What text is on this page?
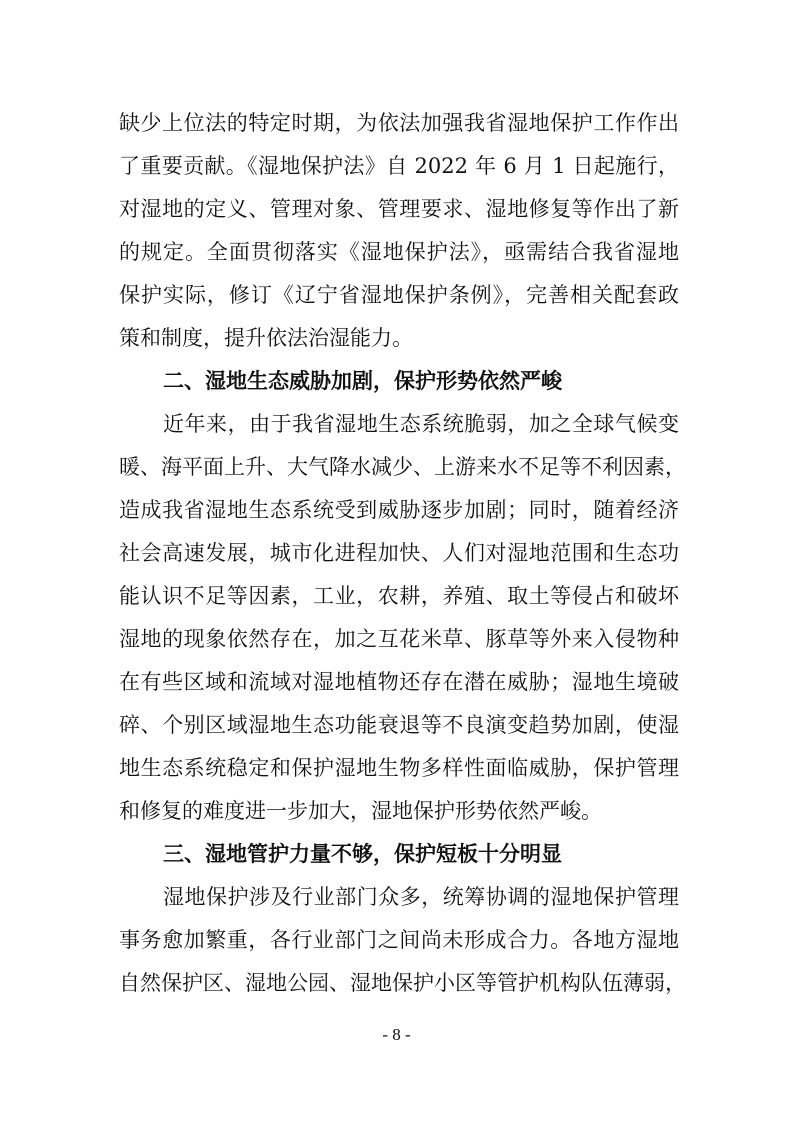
缺少上位法的特定时期，为依法加强我省湿地保护工作作出
了重要贡献。《湿地保护法》自 2022 年 6 月 1 日起施行，
对湿地的定义、管理对象、管理要求、湿地修复等作出了新
的规定。全面贯彻落实《湿地保护法》，亟需结合我省湿地
保护实际，修订《辽宁省湿地保护条例》，完善相关配套政
策和制度，提升依法治湿能力。
二、湿地生态威胁加剧，保护形势依然严峻
近年来，由于我省湿地生态系统脆弱，加之全球气候变
暖、海平面上升、大气降水减少、上游来水不足等不利因素，
造成我省湿地生态系统受到威胁逐步加剧；同时，随着经济
社会高速发展，城市化进程加快、人们对湿地范围和生态功
能认识不足等因素，工业，农耕，养殖、取土等侵占和破坏
湿地的现象依然存在，加之互花米草、豚草等外来入侵物种
在有些区域和流域对湿地植物还存在潜在威胁；湿地生境破
碎、个别区域湿地生态功能衰退等不良演变趋势加剧，使湿
地生态系统稳定和保护湿地生物多样性面临威胁，保护管理
和修复的难度进一步加大，湿地保护形势依然严峻。
三、湿地管护力量不够，保护短板十分明显
湿地保护涉及行业部门众多，统筹协调的湿地保护管理
事务愈加繁重，各行业部门之间尚未形成合力。各地方湿地
自然保护区、湿地公园、湿地保护小区等管护机构队伍薄弱，
- 8 -
